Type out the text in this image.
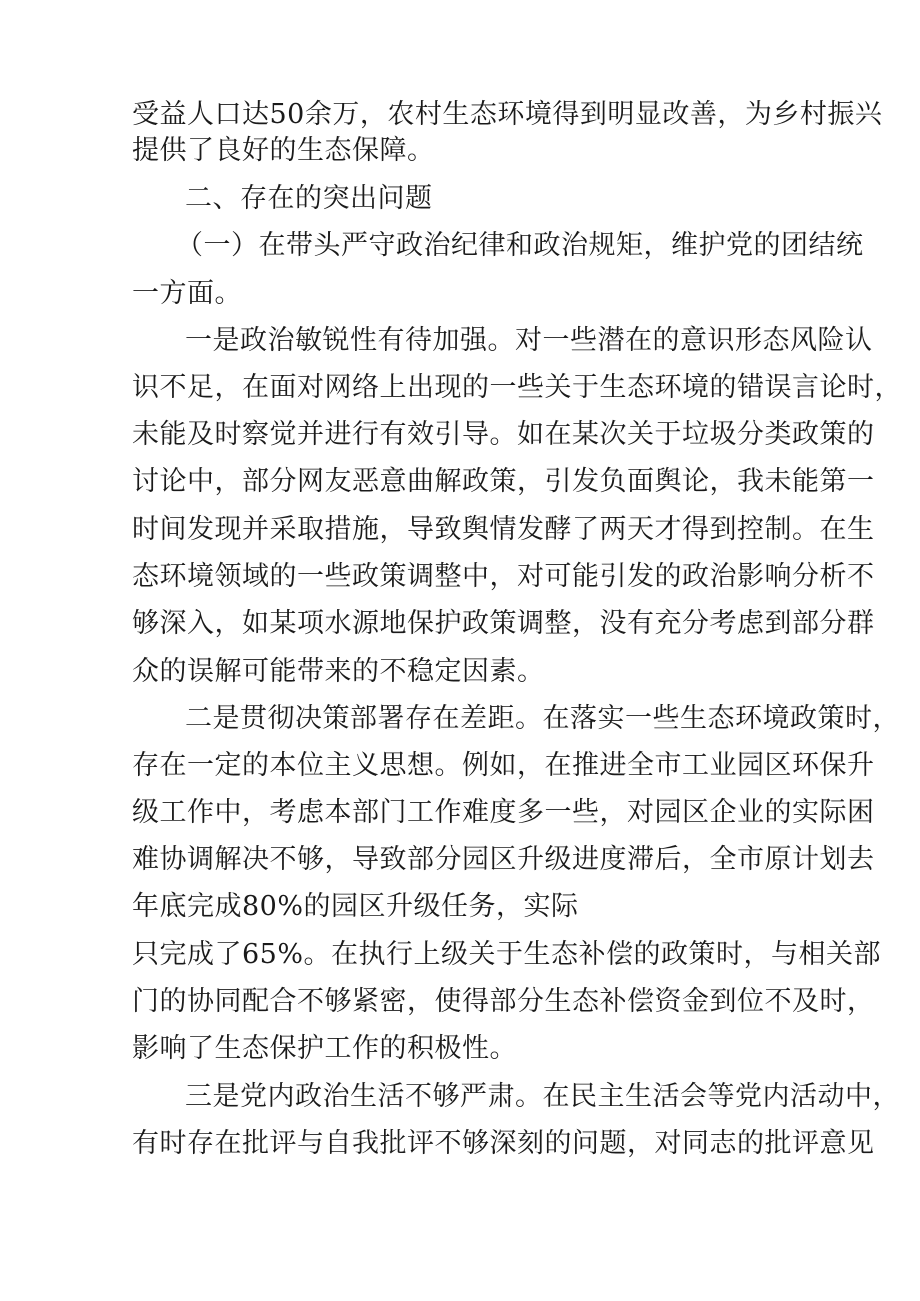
受益人口达50余万，农村生态环境得到明显改善，为乡村振兴
提供了良好的生态保障。
二、存在的突出问题
（一）在带头严守政治纪律和政治规矩，维护党的团结统
一方面。
一是政治敏锐性有待加强。对一些潜在的意识形态风险认
识不足，在面对网络上出现的一些关于生态环境的错误言论时，
未能及时察觉并进行有效引导。如在某次关于垃圾分类政策的
讨论中，部分网友恶意曲解政策，引发负面舆论，我未能第一
时间发现并采取措施，导致舆情发酵了两天才得到控制。在生
态环境领域的一些政策调整中，对可能引发的政治影响分析不
够深入，如某项水源地保护政策调整，没有充分考虑到部分群
众的误解可能带来的不稳定因素。
二是贯彻决策部署存在差距。在落实一些生态环境政策时，
存在一定的本位主义思想。例如，在推进全市工业园区环保升
级工作中，考虑本部门工作难度多一些，对园区企业的实际困
难协调解决不够，导致部分园区升级进度滞后，全市原计划去
年底完成80%的园区升级任务，实际
只完成了65%。在执行上级关于生态补偿的政策时，与相关部
门的协同配合不够紧密，使得部分生态补偿资金到位不及时，
影响了生态保护工作的积极性。
三是党内政治生活不够严肃。在民主生活会等党内活动中，
有时存在批评与自我批评不够深刻的问题，对同志的批评意见
